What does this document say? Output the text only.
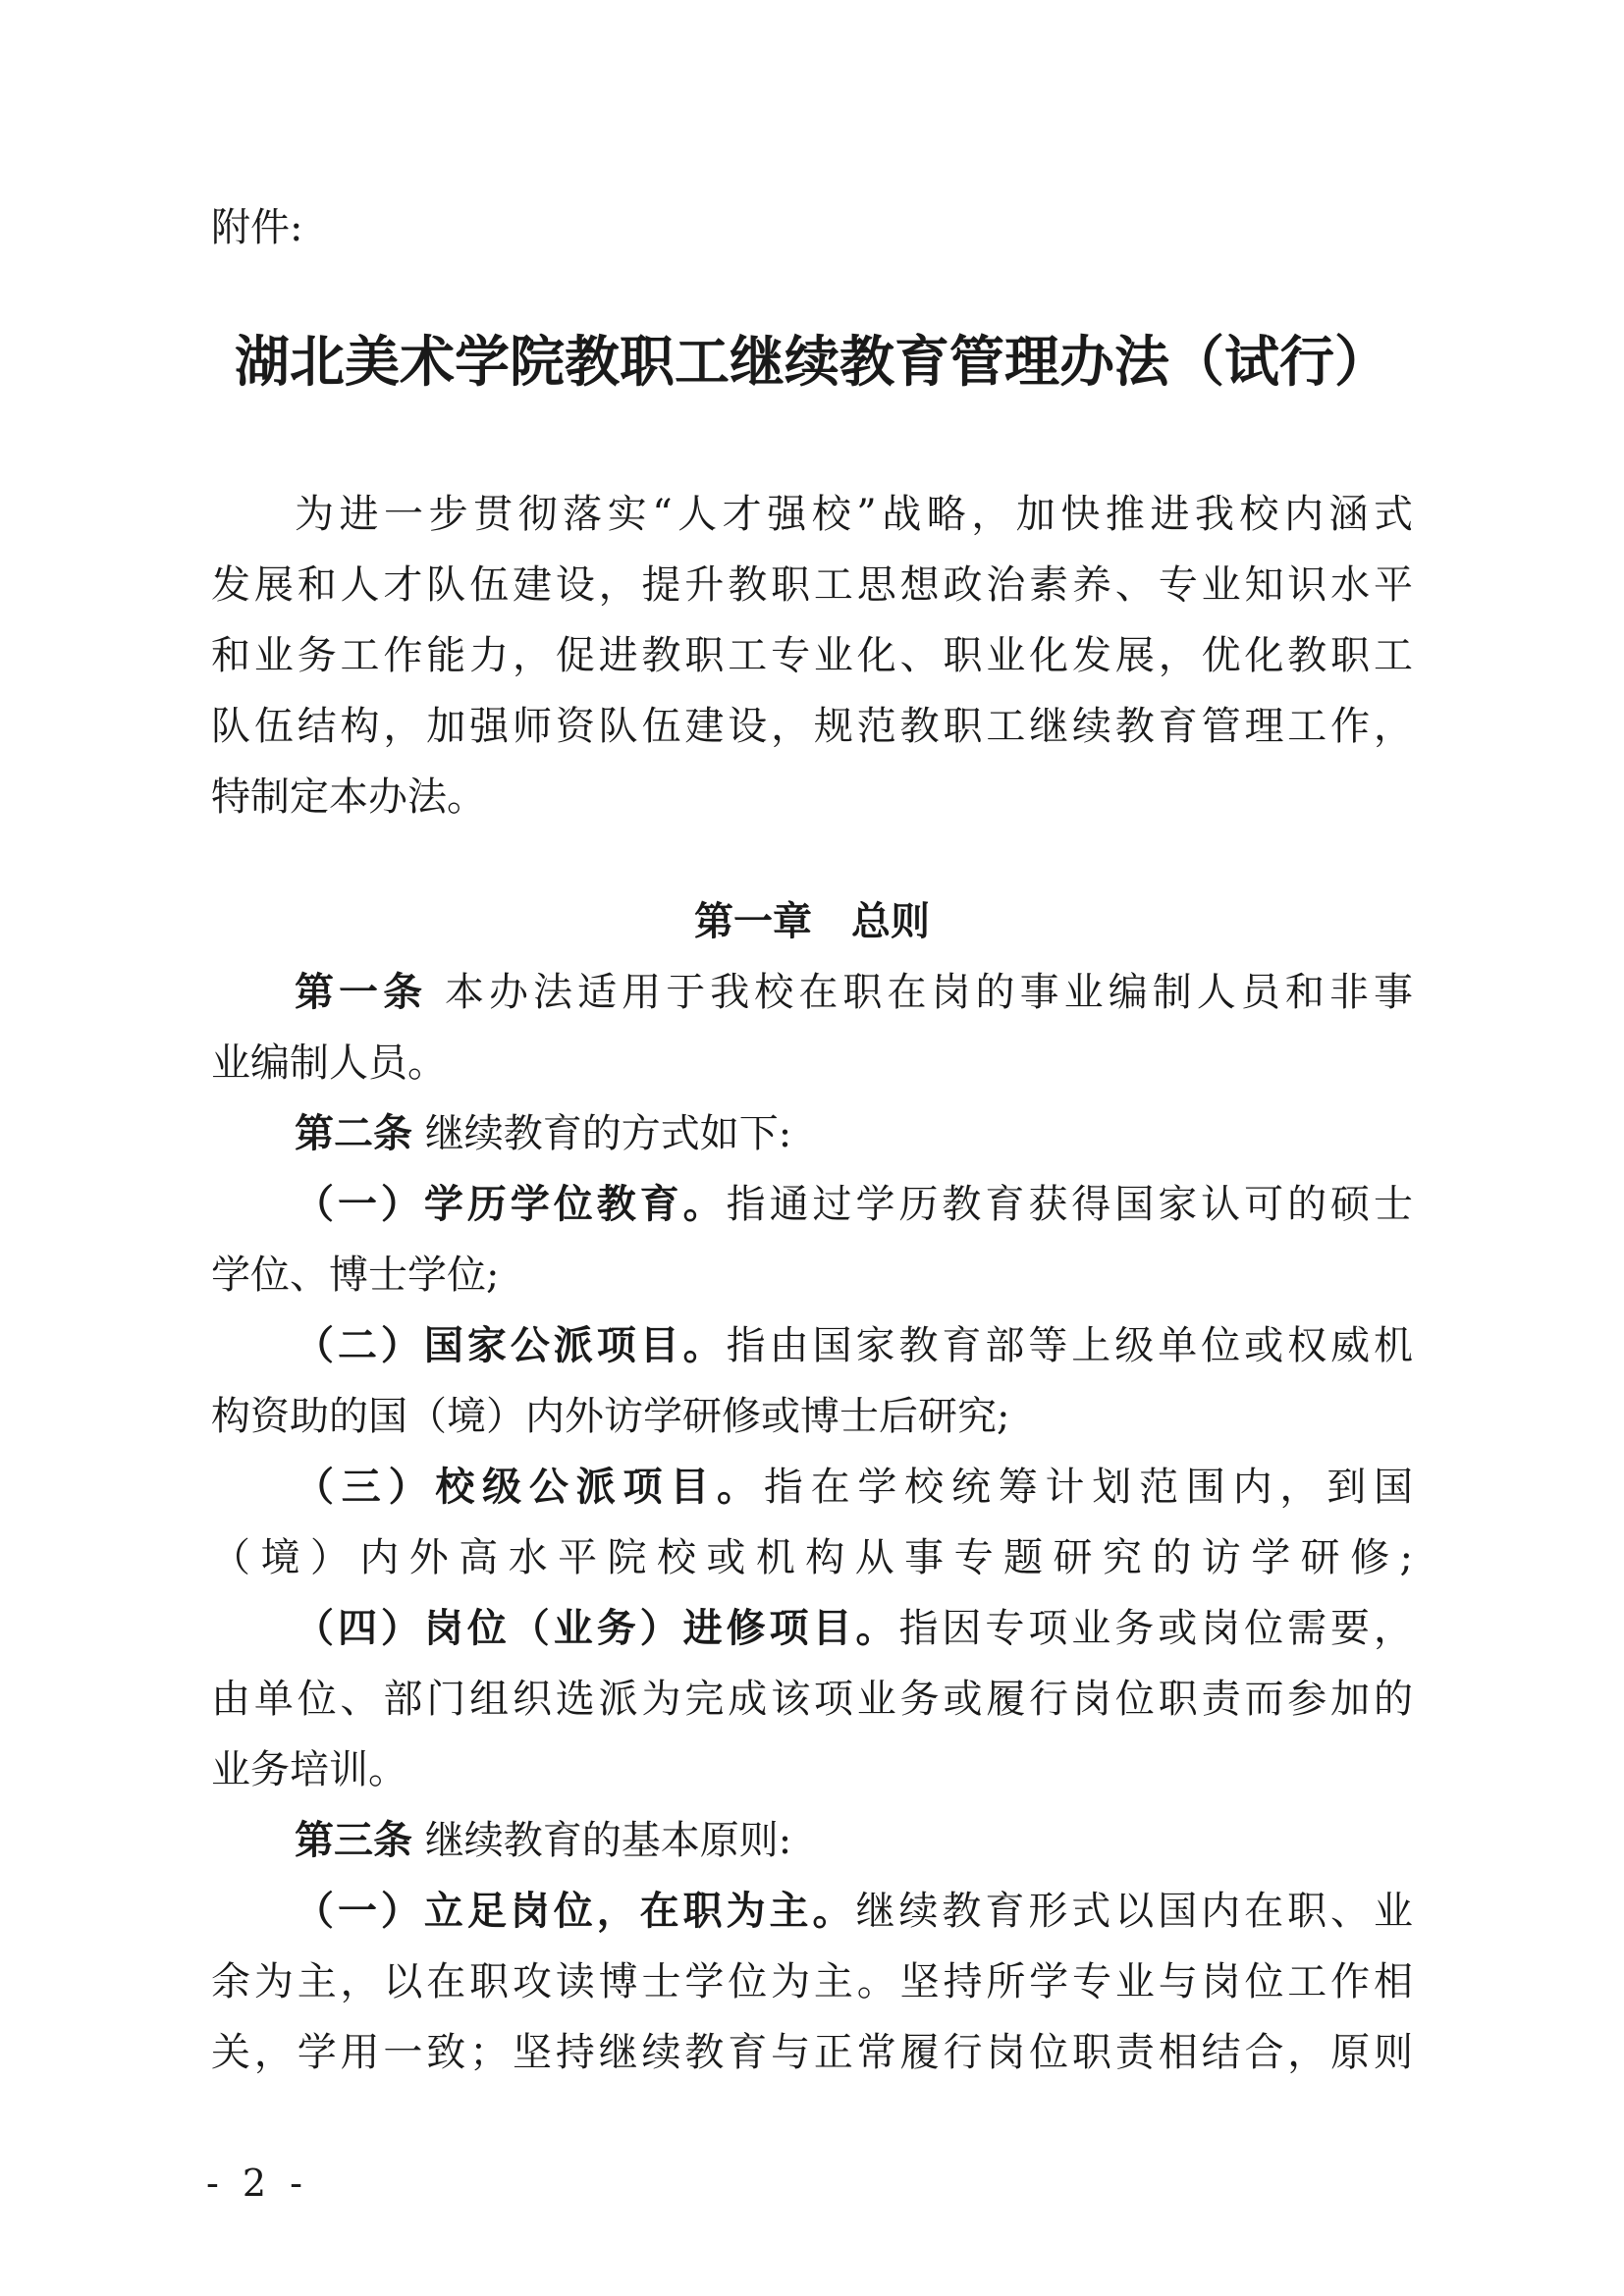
附件:
湖北美术学院教职工继续教育管理办法（试行）
为进一步贯彻落实“人才强校”战略，加快推进我校内涵式
发展和人才队伍建设，提升教职工思想政治素养、专业知识水平
和业务工作能力，促进教职工专业化、职业化发展，优化教职工
队伍结构，加强师资队伍建设，规范教职工继续教育管理工作，
特制定本办法。
第一章　总则
第一条 本办法适用于我校在职在岗的事业编制人员和非事
业编制人员。
第二条 继续教育的方式如下:
（一）学历学位教育。指通过学历教育获得国家认可的硕士
学位、博士学位;
（二）国家公派项目。指由国家教育部等上级单位或权威机
构资助的国（境）内外访学研修或博士后研究;
（三）校级公派项目。指在学校统筹计划范围内，到国
（境）内外高水平院校或机构从事专题研究的访学研修;
（四）岗位（业务）进修项目。指因专项业务或岗位需要，
由单位、部门组织选派为完成该项业务或履行岗位职责而参加的
业务培训。
第三条 继续教育的基本原则:
（一）立足岗位，在职为主。继续教育形式以国内在职、业
余为主，以在职攻读博士学位为主。坚持所学专业与岗位工作相
关，学用一致；坚持继续教育与正常履行岗位职责相结合，原则
- 2 -
